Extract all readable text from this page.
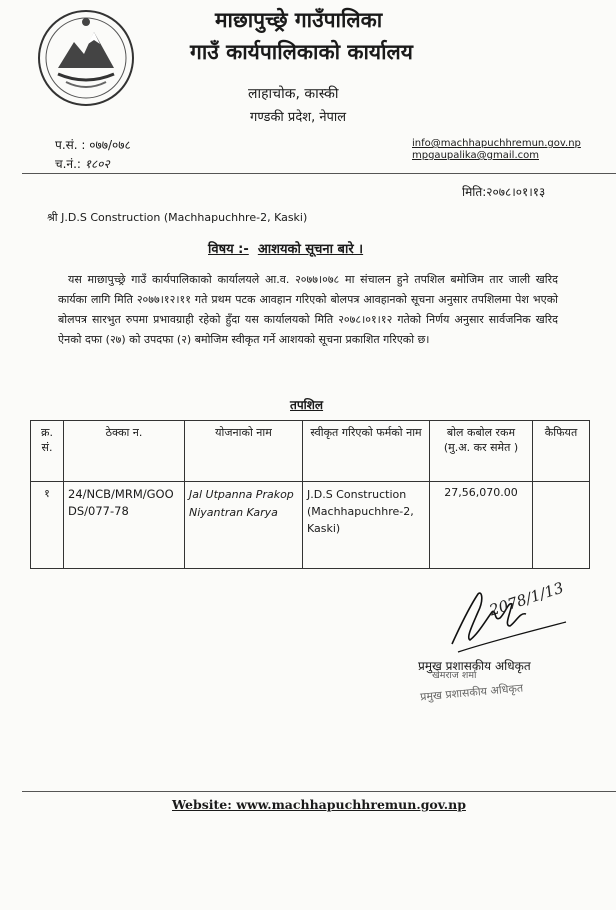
माछापुच्छ्रे गाउँपालिका
गाउँ कार्यपालिकाको कार्यालय
लाहाचोक, कास्की
गण्डकी प्रदेश, नेपाल
प.सं. : ०७७/०७८
च.नं.: १८०२
info@machhapuchhremun.gov.np
mpgaupalika@gmail.com
मिति:२०७८।०१।१३
श्री J.D.S Construction (Machhapuchhre-2, Kaski)
विषय :- आशयको सूचना बारे ।
यस माछापुच्छ्रे गाउँ कार्यपालिकाको कार्यालयले आ.व. २०७७।०७८ मा संचालन हुने तपशिल बमोजिम तार जाली खरिद कार्यका लागि मिति २०७७।१२।११ गते प्रथम पटक आवहान गरिएको बोलपत्र आवहानको सूचना अनुसार तपशिलमा पेश भएको बोलपत्र सारभुत रुपमा प्रभावग्राही रहेको हुँदा यस कार्यालयको मिति २०७८।०१।१२ गतेको निर्णय अनुसार सार्वजनिक खरिद ऐनको दफा (२७) को उपदफा (२) बमोजिम स्वीकृत गर्ने आशयको सूचना प्रकाशित गरिएको छ।
तपशिल
क्र. सं.	ठेक्का न.	योजनाको नाम	स्वीकृत गरिएको फर्मको नाम	बोल कबोल रकम (मु.अ. कर समेत )	कैफियत
१	24/NCB/MRM/GOODS/077-78	Jal Utpanna Prakop Niyantran Karya	J.D.S Construction (Machhapuchhre-2, Kaski)	27,56,070.00	
2078/1/13
प्रमुख प्रशासकीय अधिकृत
खेमराज शर्मा
प्रमुख प्रशासकीय अधिकृत
Website: www.machhapuchhremun.gov.np
